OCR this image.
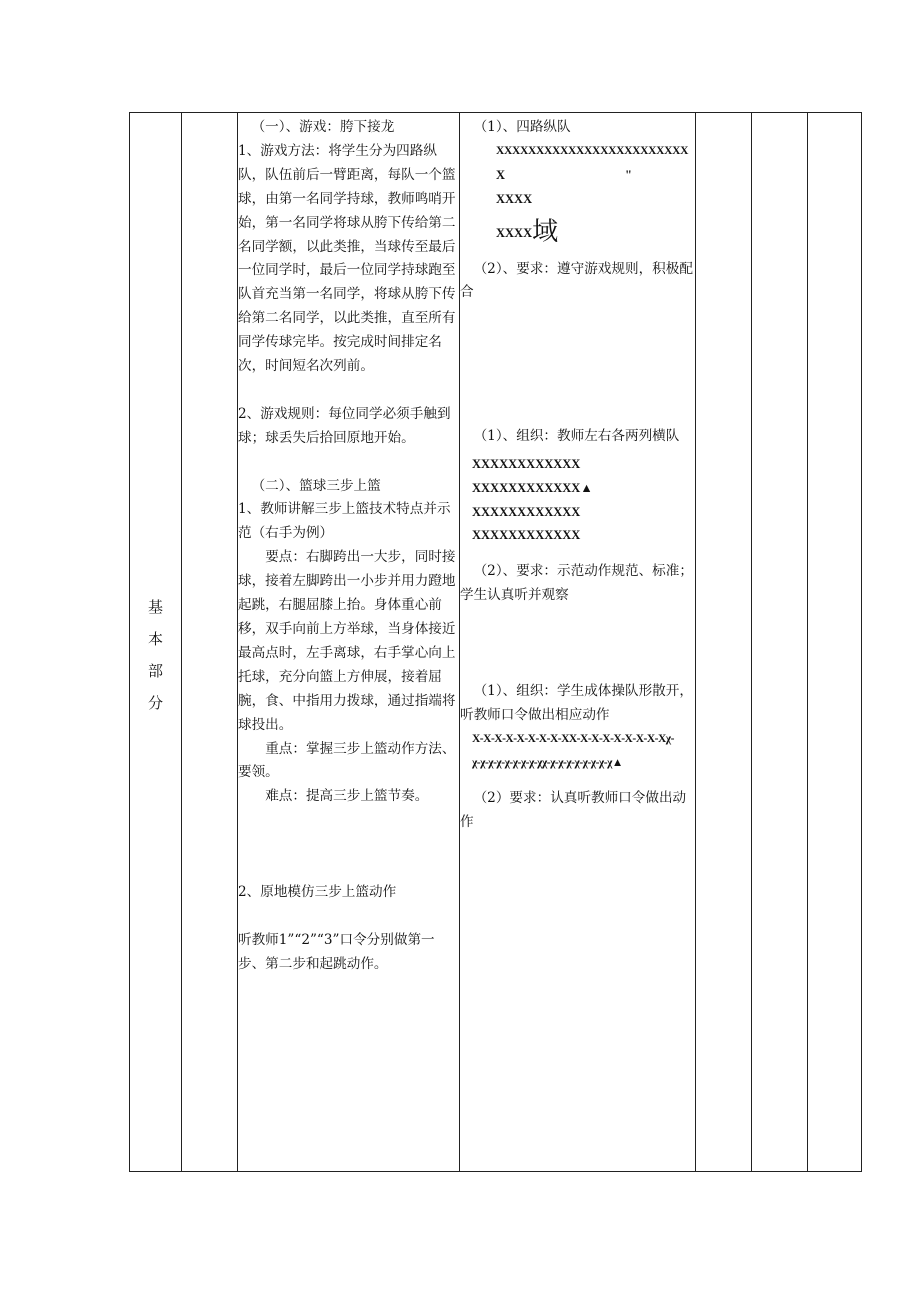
基
本
部
分

（一）、游戏：胯下接龙

1、游戏方法：将学生分为四路纵队，队伍前后一臂距离，每队一个篮球，由第一名同学持球，教师鸣哨开始，第一名同学将球从胯下传给第二名同学额，以此类推，当球传至最后一位同学时，最后一位同学持球跑至队首充当第一名同学，将球从胯下传给第二名同学，以此类推，直至所有同学传球完毕。按完成时间排定名次，时间短名次列前。

2、游戏规则：每位同学必须手触到球；球丢失后拾回原地开始。

（二）、篮球三步上篮

1、教师讲解三步上篮技术特点并示范（右手为例）

要点：右脚跨出一大步，同时接球，接着左脚跨出一小步并用力蹬地起跳，右腿屈膝上抬。身体重心前移，双手向前上方举球，当身体接近最高点时，左手离球，右手掌心向上托球，充分向篮上方伸展，接着屈腕，食、中指用力拨球，通过指端将球投出。

重点：掌握三步上篮动作方法、要领。

难点：提高三步上篮节奏。

2、原地模仿三步上篮动作

听教师1”“2”“3”口令分别做第一步、第二步和起跳动作。

（1）、四路纵队

XXXXXXXXXXXXXXXXXXXXXXXX

X	"

XXXX

XXXX域

（2）、要求：遵守游戏规则，积极配合

（1）、组织：教师左右各两列横队

XXXXXXXXXXXX

XXXXXXXXXXXX▲

XXXXXXXXXXXX

XXXXXXXXXXXX

（2）、要求：示范动作规范、标准；学生认真听并观察

（1）、组织：学生成体操队形散开，听教师口令做出相应动作

X-X-X-X-X-X-X-X-XX-X-X-X-X-X-X-X-Xχ-

χ-χ-χ-χ-χ-χ-χ-χ-χχ-χ-χ-χ-χ-χ-χ-χ-χ▲

（2）要求：认真听教师口令做出动作
